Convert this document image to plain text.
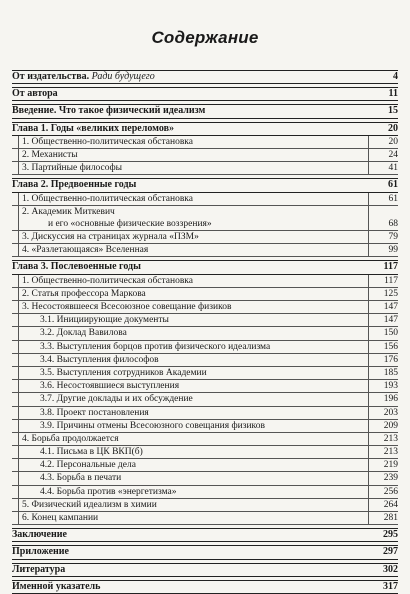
Содержание
От издательства. Ради будущего	4
От автора	11
Введение. Что такое физический идеализм	15
Глава 1. Годы «великих переломов»	20
1. Общественно-политическая обстановка	20
2. Механисты	24
3. Партийные философы	41
Глава 2. Предвоенные годы	61
1. Общественно-политическая обстановка	61
2. Академик Миткевич
и его «основные физические воззрения»	68
3. Дискуссия на страницах журнала «ПЗМ»	79
4. «Разлетающаяся» Вселенная	99
Глава 3. Послевоенные годы	117
1. Общественно-политическая обстановка	117
2. Статья профессора Маркова	125
3. Несостоявшееся Всесоюзное совещание физиков	147
3.1. Инициирующие документы	147
3.2. Доклад Вавилова	150
3.3. Выступления борцов против физического идеализма	156
3.4. Выступления философов	176
3.5. Выступления сотрудников Академии	185
3.6. Несостоявшиеся выступления	193
3.7. Другие доклады и их обсуждение	196
3.8. Проект постановления	203
3.9. Причины отмены Всесоюзного совещания физиков	209
4. Борьба продолжается	213
4.1. Письма в ЦК ВКП(б)	213
4.2. Персональные дела	219
4.3. Борьба в печати	239
4.4. Борьба против «энергетизма»	256
5. Физический идеализм в химии	264
6. Конец кампании	281
Заключение	295
Приложение	297
Литература	302
Именной указатель	317
